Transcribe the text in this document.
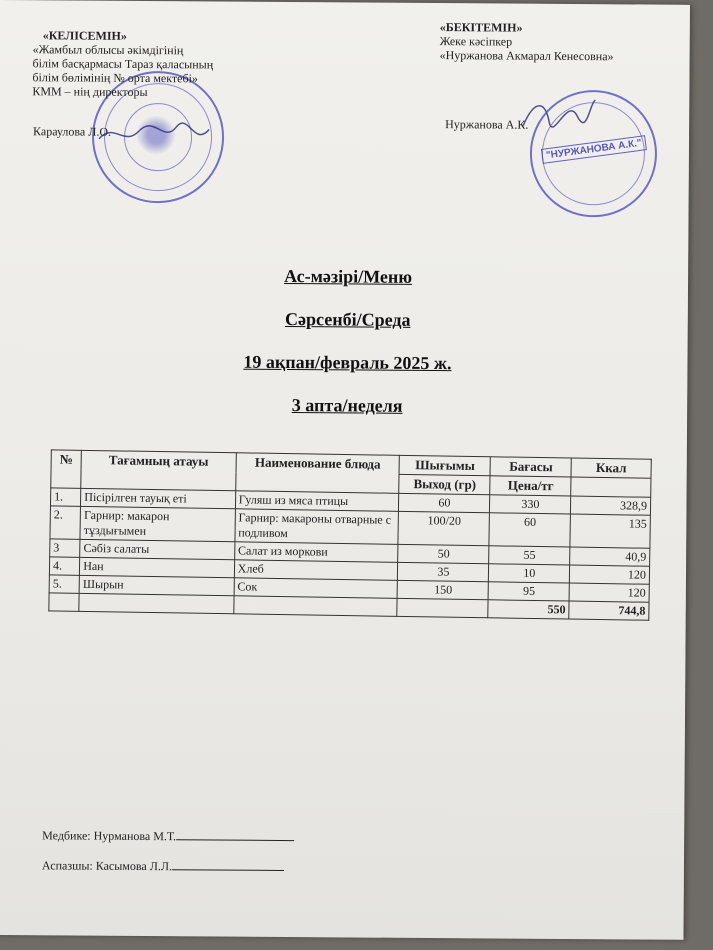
«КЕЛІСЕМІН»
«Жамбыл облысы әкімдігінің
білім басқармасы Тараз қаласының
білім бөлімінің № орта мектебі»
КММ – нің директоры
Караулова Л.О.
«БЕКІТЕМІН»
Жеке кәсіпкер
«Нуржанова Акмарал Кенесовна»
Нуржанова А.К.
"НУРЖАНОВА А.К."
Ас-мәзірі/Меню
Сәрсенбі/Среда
19 ақпан/февраль 2025 ж.
3 апта/неделя
№	Тағамның атауы	Наименование блюда	Шығымы	Бағасы	Ккал
			Выход (гр)	Цена/тг	
1.	Пісірілген тауық еті	Гуляш из мяса птицы	60	330	328,9
2.	Гарнир: макарон тұздығымен	Гарнир: макароны отварные с подливом	100/20	60	135
3	Сәбіз салаты	Салат из моркови	50	55	40,9
4.	Нан	Хлеб	35	10	120
5.	Шырын	Сок	150	95	120
				550	744,8
Медбике: Нурманова М.Т.
Аспазшы: Касымова Л.Л.
